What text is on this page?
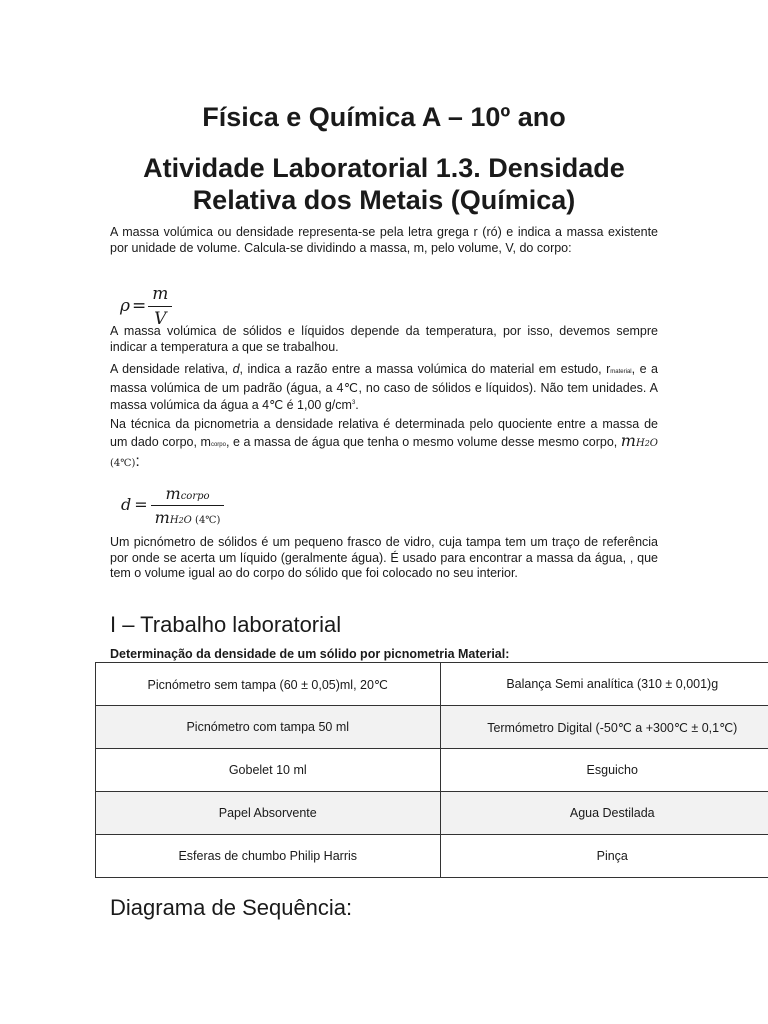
Física e Química A – 10º ano
Atividade Laboratorial 1.3. Densidade Relativa dos Metais (Química)

A massa volúmica ou densidade representa-se pela letra grega r (ró) e indica a massa existente por unidade de volume. Calcula-se dividindo a massa, m, pelo volume, V, do corpo:

$\rho = \frac{m}{V}$

A massa volúmica de sólidos e líquidos depende da temperatura, por isso, devemos sempre indicar a temperatura a que se trabalhou.

A densidade relativa, d, indica a razão entre a massa volúmica do material em estudo, rmaterial, e a massa volúmica de um padrão (água, a 4℃, no caso de sólidos e líquidos). Não tem unidades. A massa volúmica da água a 4℃ é 1,00 $g/cm^3$.

Na técnica da picnometria a densidade relativa é determinada pelo quociente entre a massa de um dado corpo, mcorpo, e a massa de água que tenha o mesmo volume desse mesmo corpo, mH2O (4℃):

$d = \frac{\text{mcorpo}}{mH2O (4℃)}$

Um picnómetro de sólidos é um pequeno frasco de vidro, cuja tampa tem um traço de referência por onde se acerta um líquido (geralmente água). É usado para encontrar a massa da água, , que tem o volume igual ao do corpo do sólido que foi colocado no seu interior.

I – Trabalho laboratorial

Determinação da densidade de um sólido por picnometria Material:

Picnómetro sem tampa (60 ± 0,05)ml, 20℃	Balança Semi analítica (310 ± 0,001)g
Picnómetro com tampa 50 ml	Termómetro Digital (-50℃ a +300℃ ± 0,1℃)
Gobelet 10 ml	Esguicho
Papel Absorvente	Agua Destilada
Esferas de chumbo Philip Harris	Pinça
Diagrama de Sequência:
